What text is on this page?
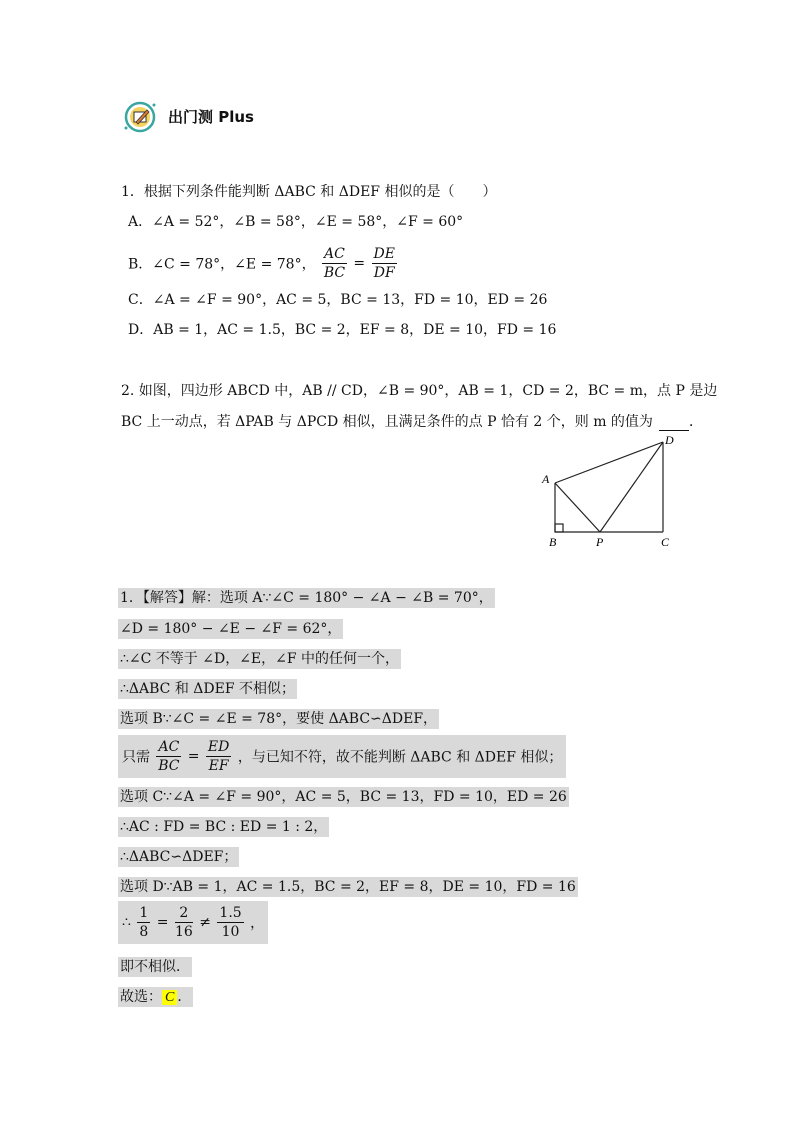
出门测 Plus
1．根据下列条件能判断 ΔABC 和 ΔDEF 相似的是（　　）
A．∠A = 52°，∠B = 58°，∠E = 58°，∠F = 60°
B．∠C = 78°，∠E = 78°， $\frac{AC}{BC} = \frac{DE}{DF}$
C．∠A = ∠F = 90°，AC = 5，BC = 13，FD = 10，ED = 26
D．AB = 1，AC = 1.5，BC = 2，EF = 8，DE = 10，FD = 16
2. 如图，四边形 ABCD 中，AB // CD，∠B = 90°，AB = 1，CD = 2，BC = m，点 P 是边
BC 上一动点，若 ΔPAB 与 ΔPCD 相似，且满足条件的点 P 恰有 2 个，则 m 的值为	．
A
B	P	C
D
1．【解答】解：选项 A∵∠C = 180° − ∠A − ∠B = 70°，
∠D = 180° − ∠E − ∠F = 62°，
∴∠C 不等于 ∠D，∠E，∠F 中的任何一个，
∴ΔABC 和 ΔDEF 不相似；
选项 B∵∠C = ∠E = 78°，要使 ΔABC∽ΔDEF，
只需 $\frac{AC}{BC} = \frac{ED}{EF}$ ，与已知不符，故不能判断 ΔABC 和 ΔDEF 相似；
选项 C∵∠A = ∠F = 90°，AC = 5，BC = 13，FD = 10，ED = 26
∴AC : FD = BC : ED = 1 : 2，
∴ΔABC∽ΔDEF；
选项 D∵AB = 1，AC = 1.5，BC = 2，EF = 8，DE = 10，FD = 16
∴ $\frac{1}{8} = \frac{2}{16} \ne \frac{1.5}{10}$ ，
即不相似．
故选： C ．
